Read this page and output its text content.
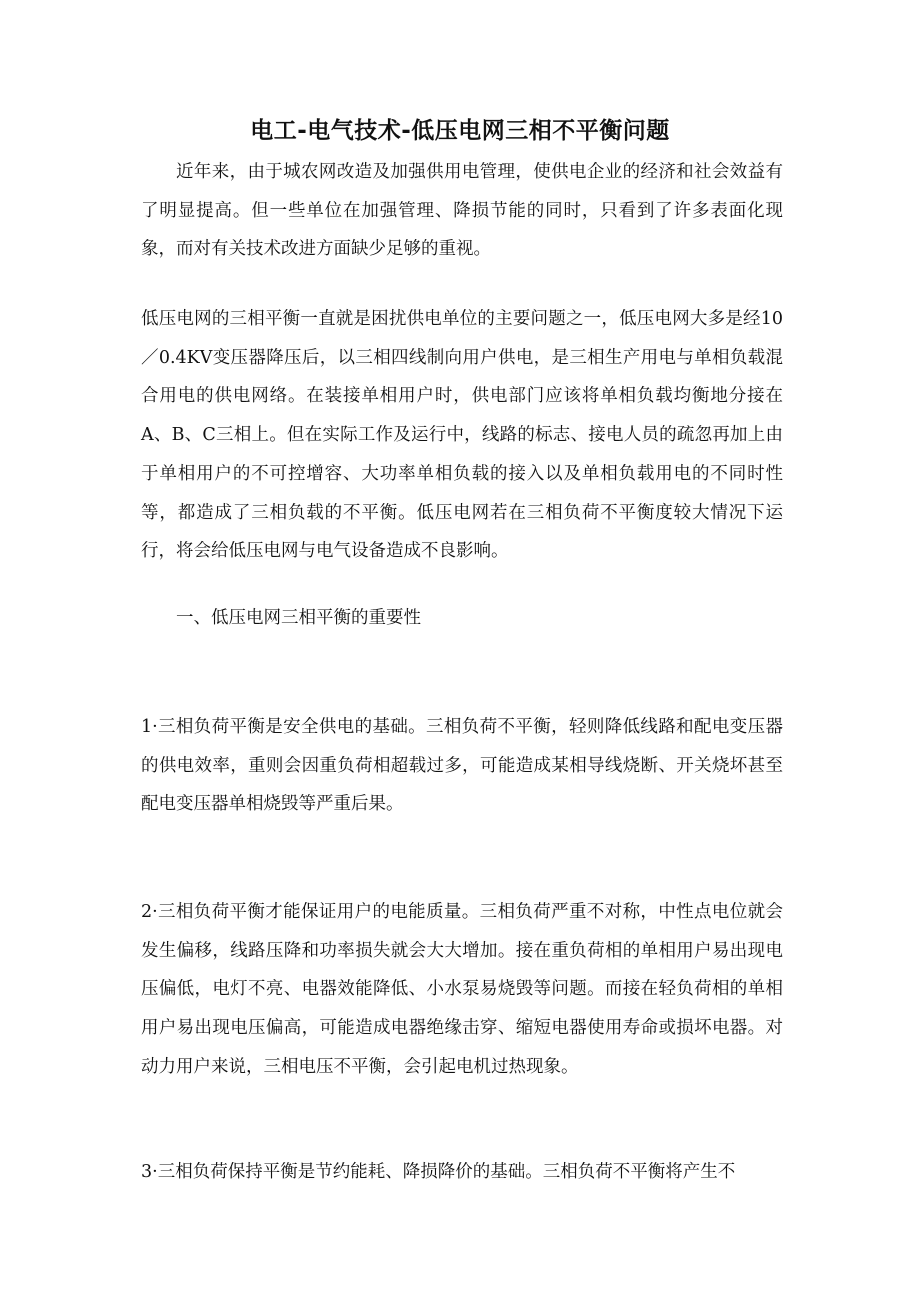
电工-电气技术-低压电网三相不平衡问题

近年来，由于城农网改造及加强供用电管理，使供电企业的经济和社会效益有了明显提高。但一些单位在加强管理、降损节能的同时，只看到了许多表面化现象，而对有关技术改进方面缺少足够的重视。

低压电网的三相平衡一直就是困扰供电单位的主要问题之一，低压电网大多是经10／0.4KV变压器降压后，以三相四线制向用户供电，是三相生产用电与单相负载混合用电的供电网络。在装接单相用户时，供电部门应该将单相负载均衡地分接在A、B、C三相上。但在实际工作及运行中，线路的标志、接电人员的疏忽再加上由于单相用户的不可控增容、大功率单相负载的接入以及单相负载用电的不同时性等，都造成了三相负载的不平衡。低压电网若在三相负荷不平衡度较大情况下运行，将会给低压电网与电气设备造成不良影响。

一、低压电网三相平衡的重要性

1·三相负荷平衡是安全供电的基础。三相负荷不平衡，轻则降低线路和配电变压器的供电效率，重则会因重负荷相超载过多，可能造成某相导线烧断、开关烧坏甚至配电变压器单相烧毁等严重后果。

2·三相负荷平衡才能保证用户的电能质量。三相负荷严重不对称，中性点电位就会发生偏移，线路压降和功率损失就会大大增加。接在重负荷相的单相用户易出现电压偏低，电灯不亮、电器效能降低、小水泵易烧毁等问题。而接在轻负荷相的单相用户易出现电压偏高，可能造成电器绝缘击穿、缩短电器使用寿命或损坏电器。对动力用户来说，三相电压不平衡，会引起电机过热现象。

3·三相负荷保持平衡是节约能耗、降损降价的基础。三相负荷不平衡将产生不
